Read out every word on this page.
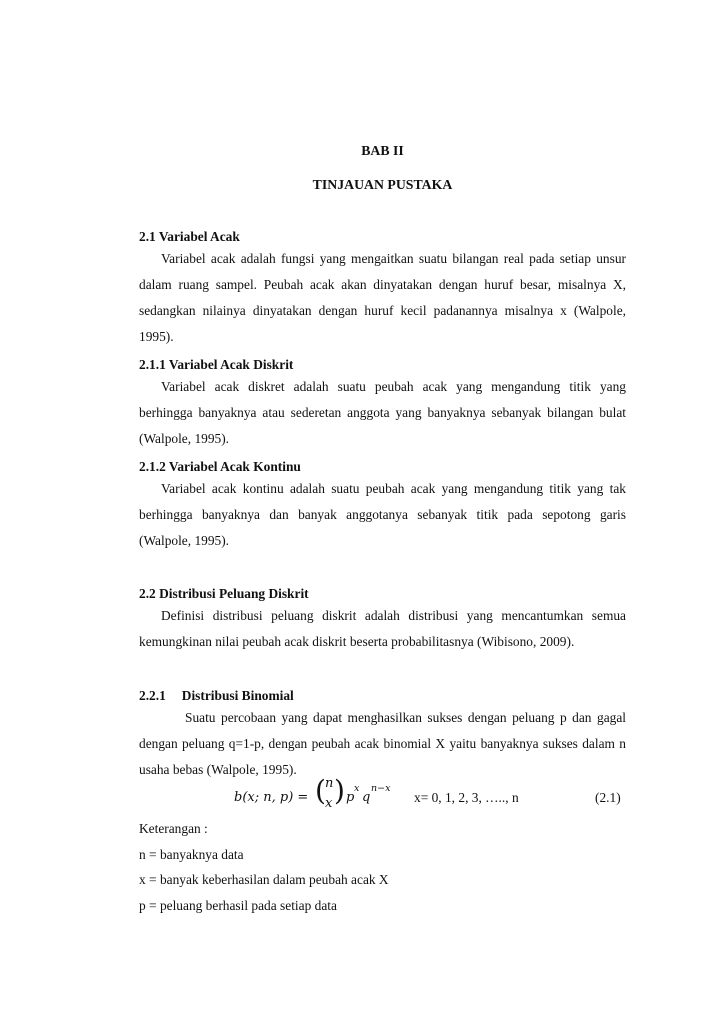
BAB II
TINJAUAN PUSTAKA
2.1 Variabel Acak

Variabel acak adalah fungsi yang mengaitkan suatu bilangan real pada setiap unsur dalam ruang sampel. Peubah acak akan dinyatakan dengan huruf besar, misalnya X, sedangkan nilainya dinyatakan dengan huruf kecil padanannya misalnya x (Walpole, 1995).

2.1.1 Variabel Acak Diskrit

Variabel acak diskret adalah suatu peubah acak yang mengandung titik yang berhingga banyaknya atau sederetan anggota yang banyaknya sebanyak bilangan bulat (Walpole, 1995).

2.1.2 Variabel Acak Kontinu

Variabel acak kontinu adalah suatu peubah acak yang mengandung titik yang tak berhingga banyaknya dan banyak anggotanya sebanyak titik pada sepotong garis (Walpole, 1995).

2.2 Distribusi Peluang Diskrit

Definisi distribusi peluang diskrit adalah distribusi yang mencantumkan semua kemungkinan nilai peubah acak diskrit beserta probabilitasnya (Wibisono, 2009).

2.2.1 Distribusi Binomial

Suatu percobaan yang dapat menghasilkan sukses dengan peluang p dan gagal dengan peluang q=1-p, dengan peubah acak binomial X yaitu banyaknya sukses dalam n usaha bebas (Walpole, 1995).

b(x; n, p) = ( n
x ) p
x
q
n−x
x= 0, 1, 2, 3, ….., n	(2.1)
Keterangan :
n = banyaknya data
x = banyak keberhasilan dalam peubah acak X
p = peluang berhasil pada setiap data
